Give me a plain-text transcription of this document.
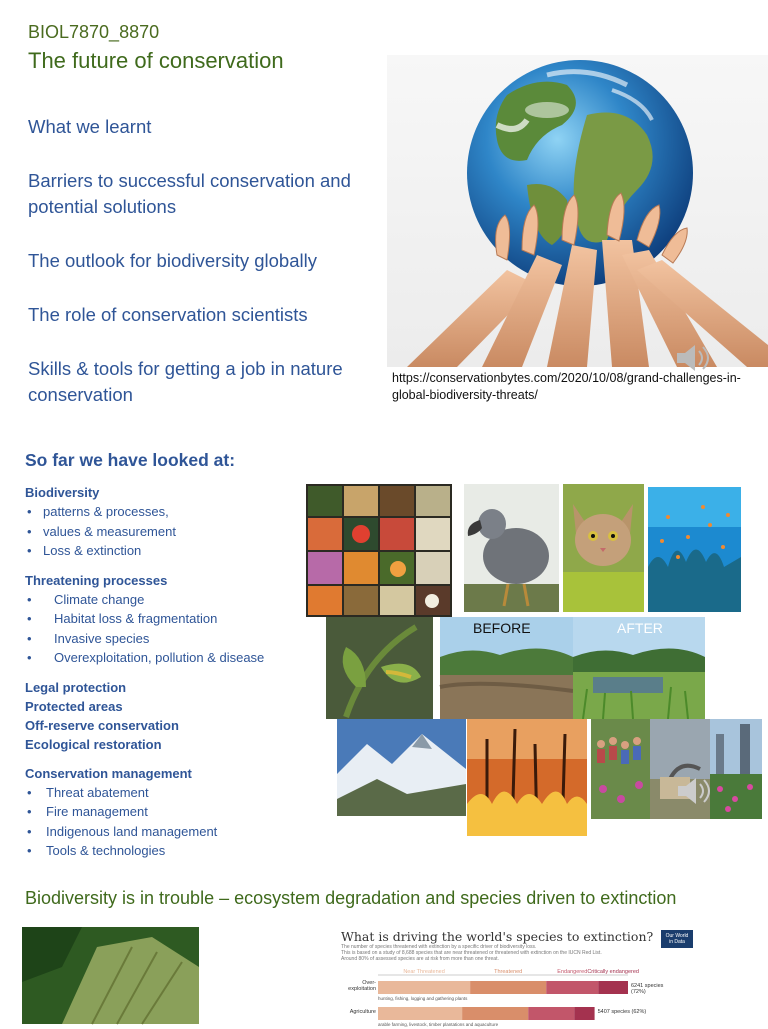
BIOL7870_8870
The future of conservation
What we learnt
Barriers to successful conservation and potential solutions
The outlook for biodiversity globally
The role of conservation scientists
Skills & tools for getting a job in nature conservation
https://conservationbytes.com/2020/10/08/grand-challenges-in-global-biodiversity-threats/
So far we have looked at:
Biodiversity
• patterns & processes,
• values & measurement
• Loss & extinction
Threatening processes
• Climate change
• Habitat loss & fragmentation
• Invasive species
• Overexploitation, pollution & disease
Legal protection
Protected areas
Off-reserve conservation
Ecological restoration
Conservation management
• Threat abatement
• Fire management
• Indigenous land management
• Tools & technologies
BEFORE	AFTER
Biodiversity is in trouble – ecosystem degradation and species driven to extinction
What is driving the world's species to extinction?
The number of species threatened with extinction by a specific driver of biodiversity loss.
This is based on a study of 8,688 species that are near threatened or threatened with extinction on the IUCN Red List.
Around 80% of assessed species are at risk from more than one threat.
Our World
in Data
Near Threatened	Threatened	Endangered Critically endangered
Over-
exploitation	6241 species
(72%)
hunting, fishing, logging and gathering plants
Agriculture	5407 species (62%)
arable farming, livestock, timber plantations and aquaculture
